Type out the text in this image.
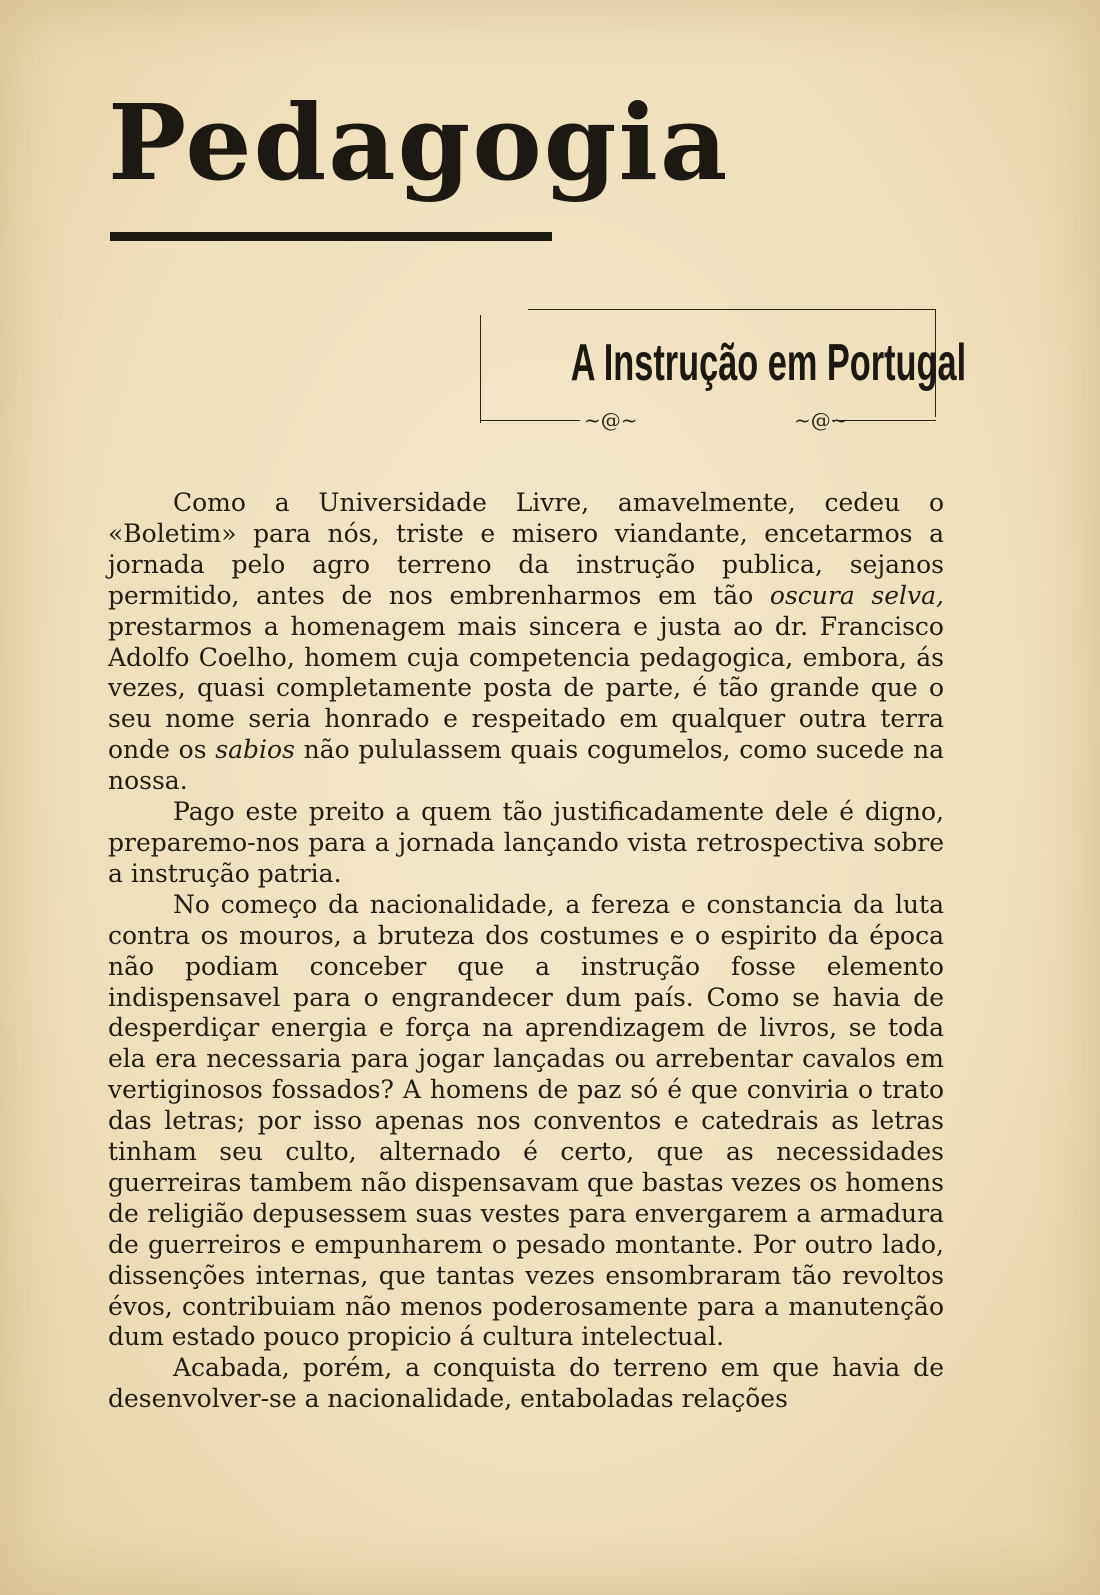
Pedagogia
~@~	~@~
A Instrução em Portugal

Como a Universidade Livre, amavelmente, cedeu o «Boletim» para nós, triste e misero viandante, encetarmos a jornada pelo agro terreno da instrução publica, sejanos permitido, antes de nos embrenharmos em tão oscura selva, prestarmos a homenagem mais sincera e justa ao dr. Francisco Adolfo Coelho, homem cuja competencia pedagogica, embora, ás vezes, quasi completamente posta de parte, é tão grande que o seu nome seria honrado e respeitado em qualquer outra terra onde os sabios não pululassem quais cogumelos, como sucede na nossa.

Pago este preito a quem tão justificadamente dele é digno, preparemo-nos para a jornada lançando vista retrospectiva sobre a instrução patria.

No começo da nacionalidade, a fereza e constancia da luta contra os mouros, a bruteza dos costumes e o espirito da época não podiam conceber que a instrução fosse elemento indispensavel para o engrandecer dum país. Como se havia de desperdiçar energia e força na aprendizagem de livros, se toda ela era necessaria para jogar lançadas ou arrebentar cavalos em vertiginosos fossados? A homens de paz só é que conviria o trato das letras; por isso apenas nos conventos e catedrais as letras tinham seu culto, alternado é certo, que as necessidades guerreiras tambem não dispensavam que bastas vezes os homens de religião depusessem suas vestes para envergarem a armadura de guerreiros e empunharem o pesado montante. Por outro lado, dissenções internas, que tantas vezes ensombraram tão revoltos évos, contribuiam não menos poderosamente para a manutenção dum estado pouco propicio á cultura intelectual.

Acabada, porém, a conquista do terreno em que havia de desenvolver-se a nacionalidade, entaboladas relações
